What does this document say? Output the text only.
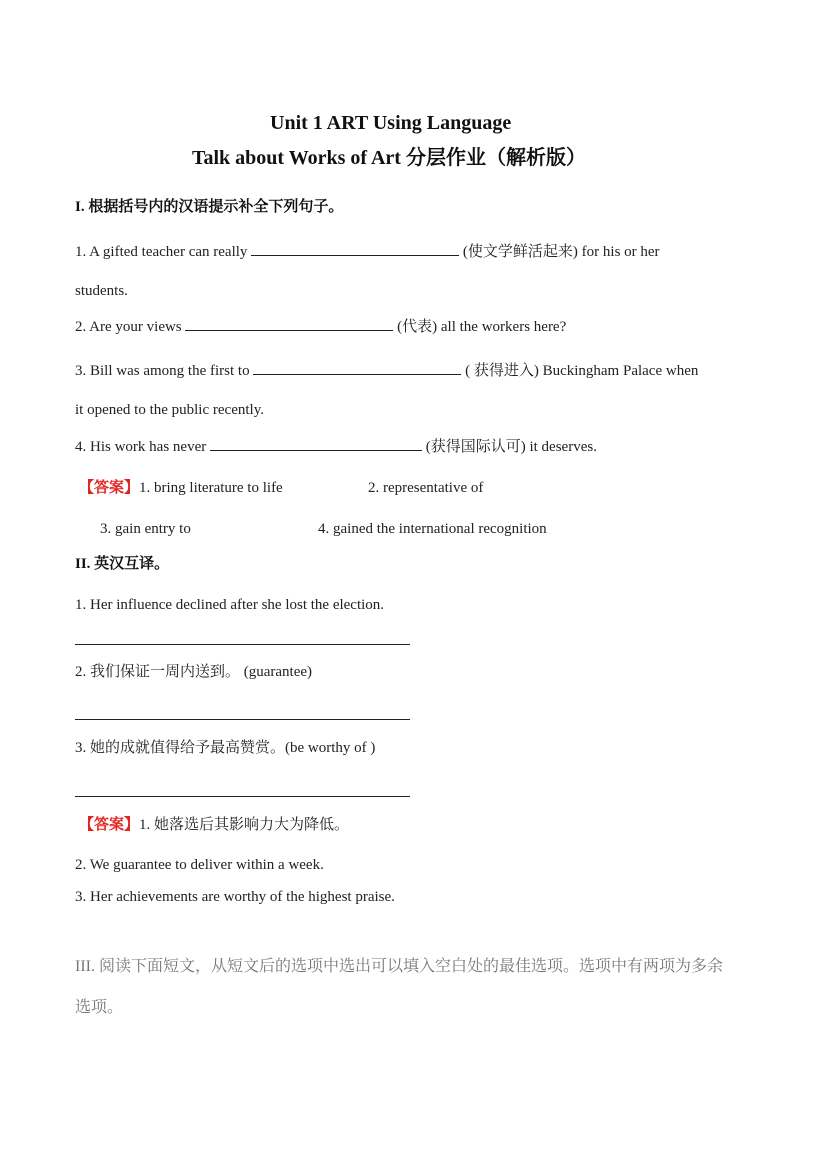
Unit 1 ART Using Language
Talk about Works of Art 分层作业（解析版）
I. 根据括号内的汉语提示补全下列句子。
1. A gifted teacher can really	(使文学鲜活起来) for his or her
students.
2. Are your views	(代表) all the workers here?
3. Bill was among the first to	( 获得进入) Buckingham Palace when
it opened to the public recently.
4. His work has never	(获得国际认可) it deserves.
【答案】1. bring literature to life	2. representative of
3. gain entry to	4. gained the international recognition
II. 英汉互译。
1. Her influence declined after she lost the election.
2. 我们保证一周内送到。 (guarantee)
3. 她的成就值得给予最高赞赏。(be worthy of )
【答案】1. 她落选后其影响力大为降低。
2. We guarantee to deliver within a week.
3. Her achievements are worthy of the highest praise.
III. 阅读下面短文，从短文后的选项中选出可以填入空白处的最佳选项。选项中有两项为多余
选项。
